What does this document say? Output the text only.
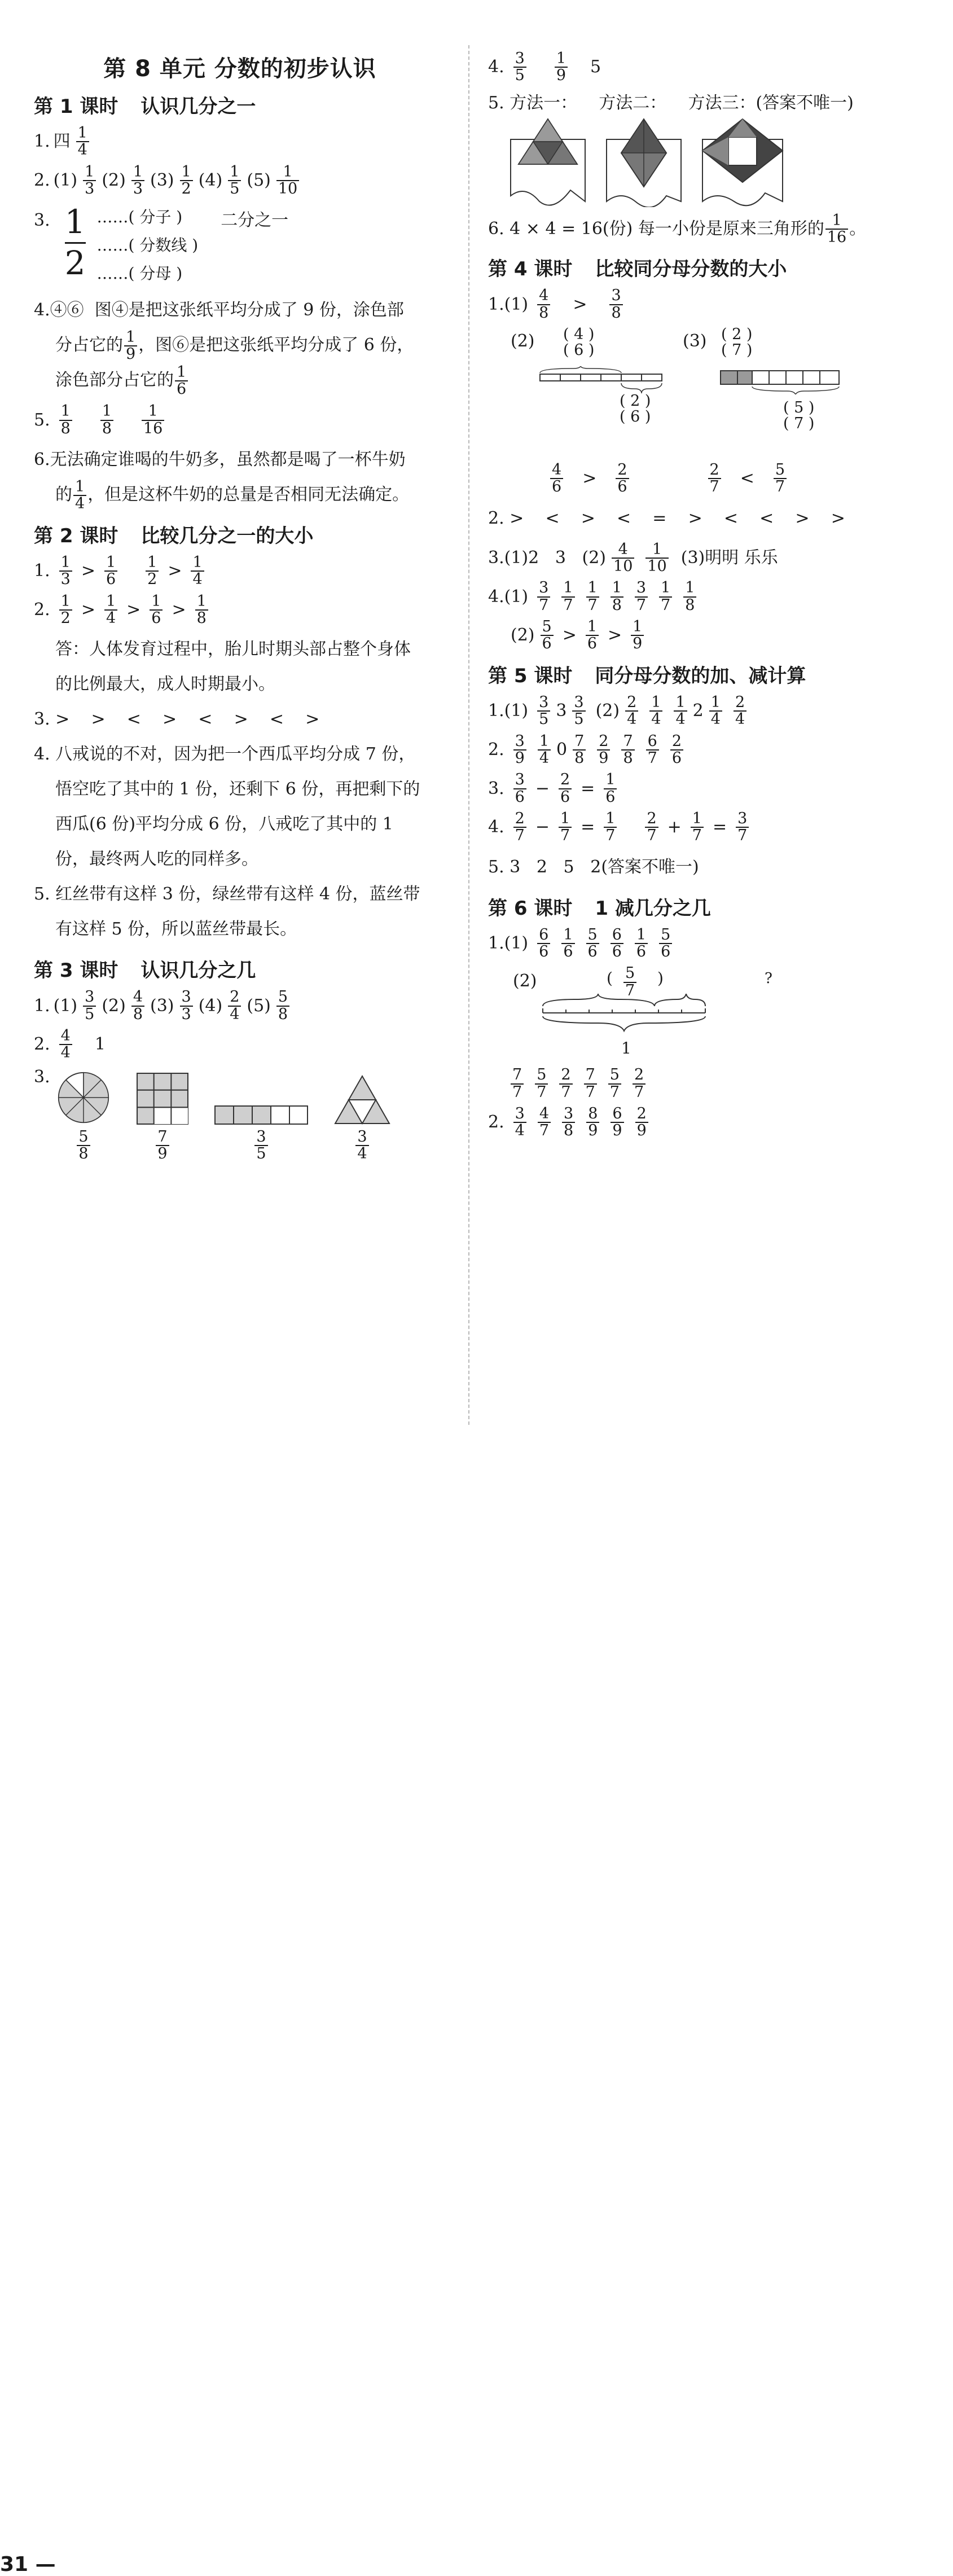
第 8 单元 分数的初步认识
第 1 课时 认识几分之一
1. 四 $\frac{1}{4}$
2. $(1) \frac{1}{3} (2) \frac{1}{3} (3) \frac{1}{2} (4) \frac{1}{5} (5) \frac{1}{10}$
3. 1
2
……( 分子 )
……( 分数线 )
……( 分母 )
二分之一
4.④⑥ 图④是把这张纸平均分成了 9 份，涂色部
分占它的 $\frac{1}{9}$ ，图⑥是把这张纸平均分成了 6 份，
涂色部分占它的 $\frac{1}{6}$
5. $\frac{1}{8} \frac{1}{8} \frac{1}{16}$
6.无法确定谁喝的牛奶多，虽然都是喝了一杯牛奶
的 $\frac{1}{4}$ ，但是这杯牛奶的总量是否相同无法确定。
第 2 课时 比较几分之一的大小
1. $\frac{1}{3} > \frac{1}{6} \frac{1}{2} > \frac{1}{4}$
2. $\frac{1}{2} > \frac{1}{4} > \frac{1}{6} > \frac{1}{8}$
答：人体发育过程中，胎儿时期头部占整个身体
的比例最大，成人时期最小。
3. >    >    <    >    <    >    <    >
4. 八戒说的不对，因为把一个西瓜平均分成 7 份，
悟空吃了其中的 1 份，还剩下 6 份，再把剩下的
西瓜(6 份)平均分成 6 份，八戒吃了其中的 1
份，最终两人吃的同样多。
5. 红丝带有这样 3 份，绿丝带有这样 4 份，蓝丝带
有这样 5 份，所以蓝丝带最长。
第 3 课时 认识几分之几
1. $(1) \frac{3}{5} (2) \frac{4}{8} (3) \frac{3}{3} (4) \frac{2}{4} (5) \frac{5}{8}$
2. $\frac{4}{4} 1$
3.
$\frac{5}{8}$	$\frac{7}{9}$	$\frac{3}{5}$	$\frac{3}{4}$
31 —
4. $\frac{3}{5} \frac{1}{9} 5$
5. 方法一：    方法二：    方法三：(答案不唯一)
6. 4 × 4 = 16(份) 每一小份是原来三角形的 $\frac{1}{16}$ 。
第 4 课时 比较同分母分数的大小
$1.(1) \frac{4}{8} > \frac{3}{8}$
(2) ( 4 )
( 6 )
( 2 )
( 6 )
(3) ( 2 )
( 7 )
( 5 )
( 7 )
$\frac{4}{6} > \frac{2}{6}$	$\frac{2}{7} < \frac{5}{7}$
2. >    <    >    <    =    >    <    <    >    >
3.(1)2   3   $(2) \frac{4}{10} \frac{1}{10} (3)$明明 乐乐
$4.(1) \frac{3}{7} \frac{1}{7} \frac{1}{7} \frac{1}{8} \frac{3}{7} \frac{1}{7} \frac{1}{8}$
$(2) \frac{5}{6} > \frac{1}{6} > \frac{1}{9}$
第 5 课时 同分母分数的加、减计算
$1.(1) \frac{3}{5} 3 \frac{3}{5} (2) \frac{2}{4} \frac{1}{4} \frac{1}{4} 2 \frac{1}{4} \frac{2}{4}$
2. $\frac{3}{9} \frac{1}{4} 0 \frac{7}{8} \frac{2}{9} \frac{7}{8} \frac{6}{7} \frac{2}{6}$
3. $\frac{3}{6} - \frac{2}{6} = \frac{1}{6}$
4. $\frac{2}{7} - \frac{1}{7} = \frac{1}{7} \frac{2}{7} + \frac{1}{7} = \frac{3}{7}$
5. 3   2   5   2(答案不唯一)
第 6 课时 1 减几分之几
$1.(1) \frac{6}{6} \frac{1}{6} \frac{5}{6} \frac{6}{6} \frac{1}{6} \frac{5}{6}$
(2)	( $\frac{5}{7}$ )	?
1
$\frac{7}{7} \frac{5}{7} \frac{2}{7} \frac{7}{7} \frac{5}{7} \frac{2}{7}$
2. $\frac{3}{4} \frac{4}{7} \frac{3}{8} \frac{8}{9} \frac{6}{9} \frac{2}{9}$
